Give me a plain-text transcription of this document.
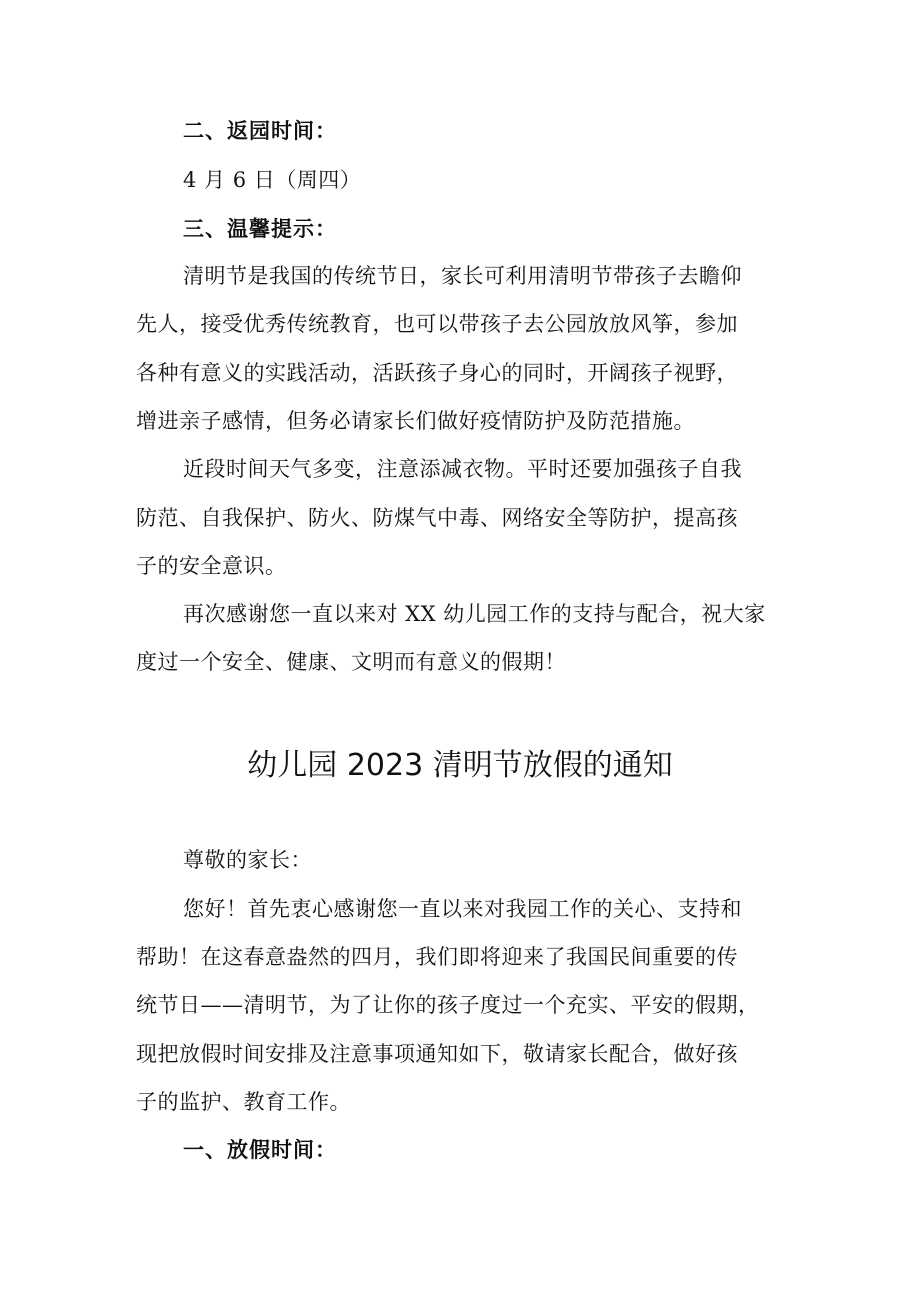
二、返园时间：
4 月 6 日（周四）
三、温馨提示：
清明节是我国的传统节日，家长可利用清明节带孩子去瞻仰
先人，接受优秀传统教育，也可以带孩子去公园放放风筝，参加
各种有意义的实践活动，活跃孩子身心的同时，开阔孩子视野，
增进亲子感情，但务必请家长们做好疫情防护及防范措施。
近段时间天气多变，注意添减衣物。平时还要加强孩子自我
防范、自我保护、防火、防煤气中毒、网络安全等防护，提高孩
子的安全意识。
再次感谢您一直以来对 XX 幼儿园工作的支持与配合，祝大家
度过一个安全、健康、文明而有意义的假期！
幼儿园 2023 清明节放假的通知
尊敬的家长：
您好！首先衷心感谢您一直以来对我园工作的关心、支持和
帮助！在这春意盎然的四月，我们即将迎来了我国民间重要的传
统节日——清明节，为了让你的孩子度过一个充实、平安的假期，
现把放假时间安排及注意事项通知如下，敬请家长配合，做好孩
子的监护、教育工作。
一、放假时间：
